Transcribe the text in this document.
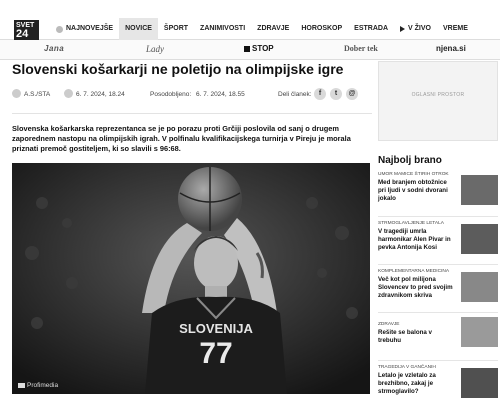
SVET
24	NAJNOVEJŠE NOVICE ŠPORT ZANIMIVOSTI ZDRAVJE HOROSKOP ESTRADA	V ŽIVO VREME
Jana	Lady	STOP	Dober tek	njena.si
Slovenski košarkarji ne poletijo na olimpijske igre
A.S./STA	6. 7. 2024, 18.24	Posodobljeno: 6. 7. 2024, 18.55	Deli članek:	f	t	@

Slovenska košarkarska reprezentanca se je po porazu proti Grčiji poslovila od sanj o drugem zaporednem nastopu na olimpijskih igrah. V polfinalu kvalifikacijskega turnirja v Pireju je morala priznati premoč gostiteljem, ki so slavili s 96:68.

SLOVENIJA
77
Profimedia
OGLASNI PROSTOR
Najbolj brano
UMOR MAMICE ŠTIRIH OTROK
Med branjem obtožnice pri ljudi v sodni dvorani jokalo
STRMOGLAVLJENJE LETALA
V tragediji umrla harmonikar Alen Pivar in pevka Antonija Kosi
KOMPLEMENTARNA MEDICINA
Več kot pol milijona Slovencev to pred svojim zdravnikom skriva
ZDRAVJE
Rešite se balona v trebuhu
TRAGEDIJA V GANČANIH
Letalo je vzletalo za brezhibno, zakaj je strmoglavilo?
